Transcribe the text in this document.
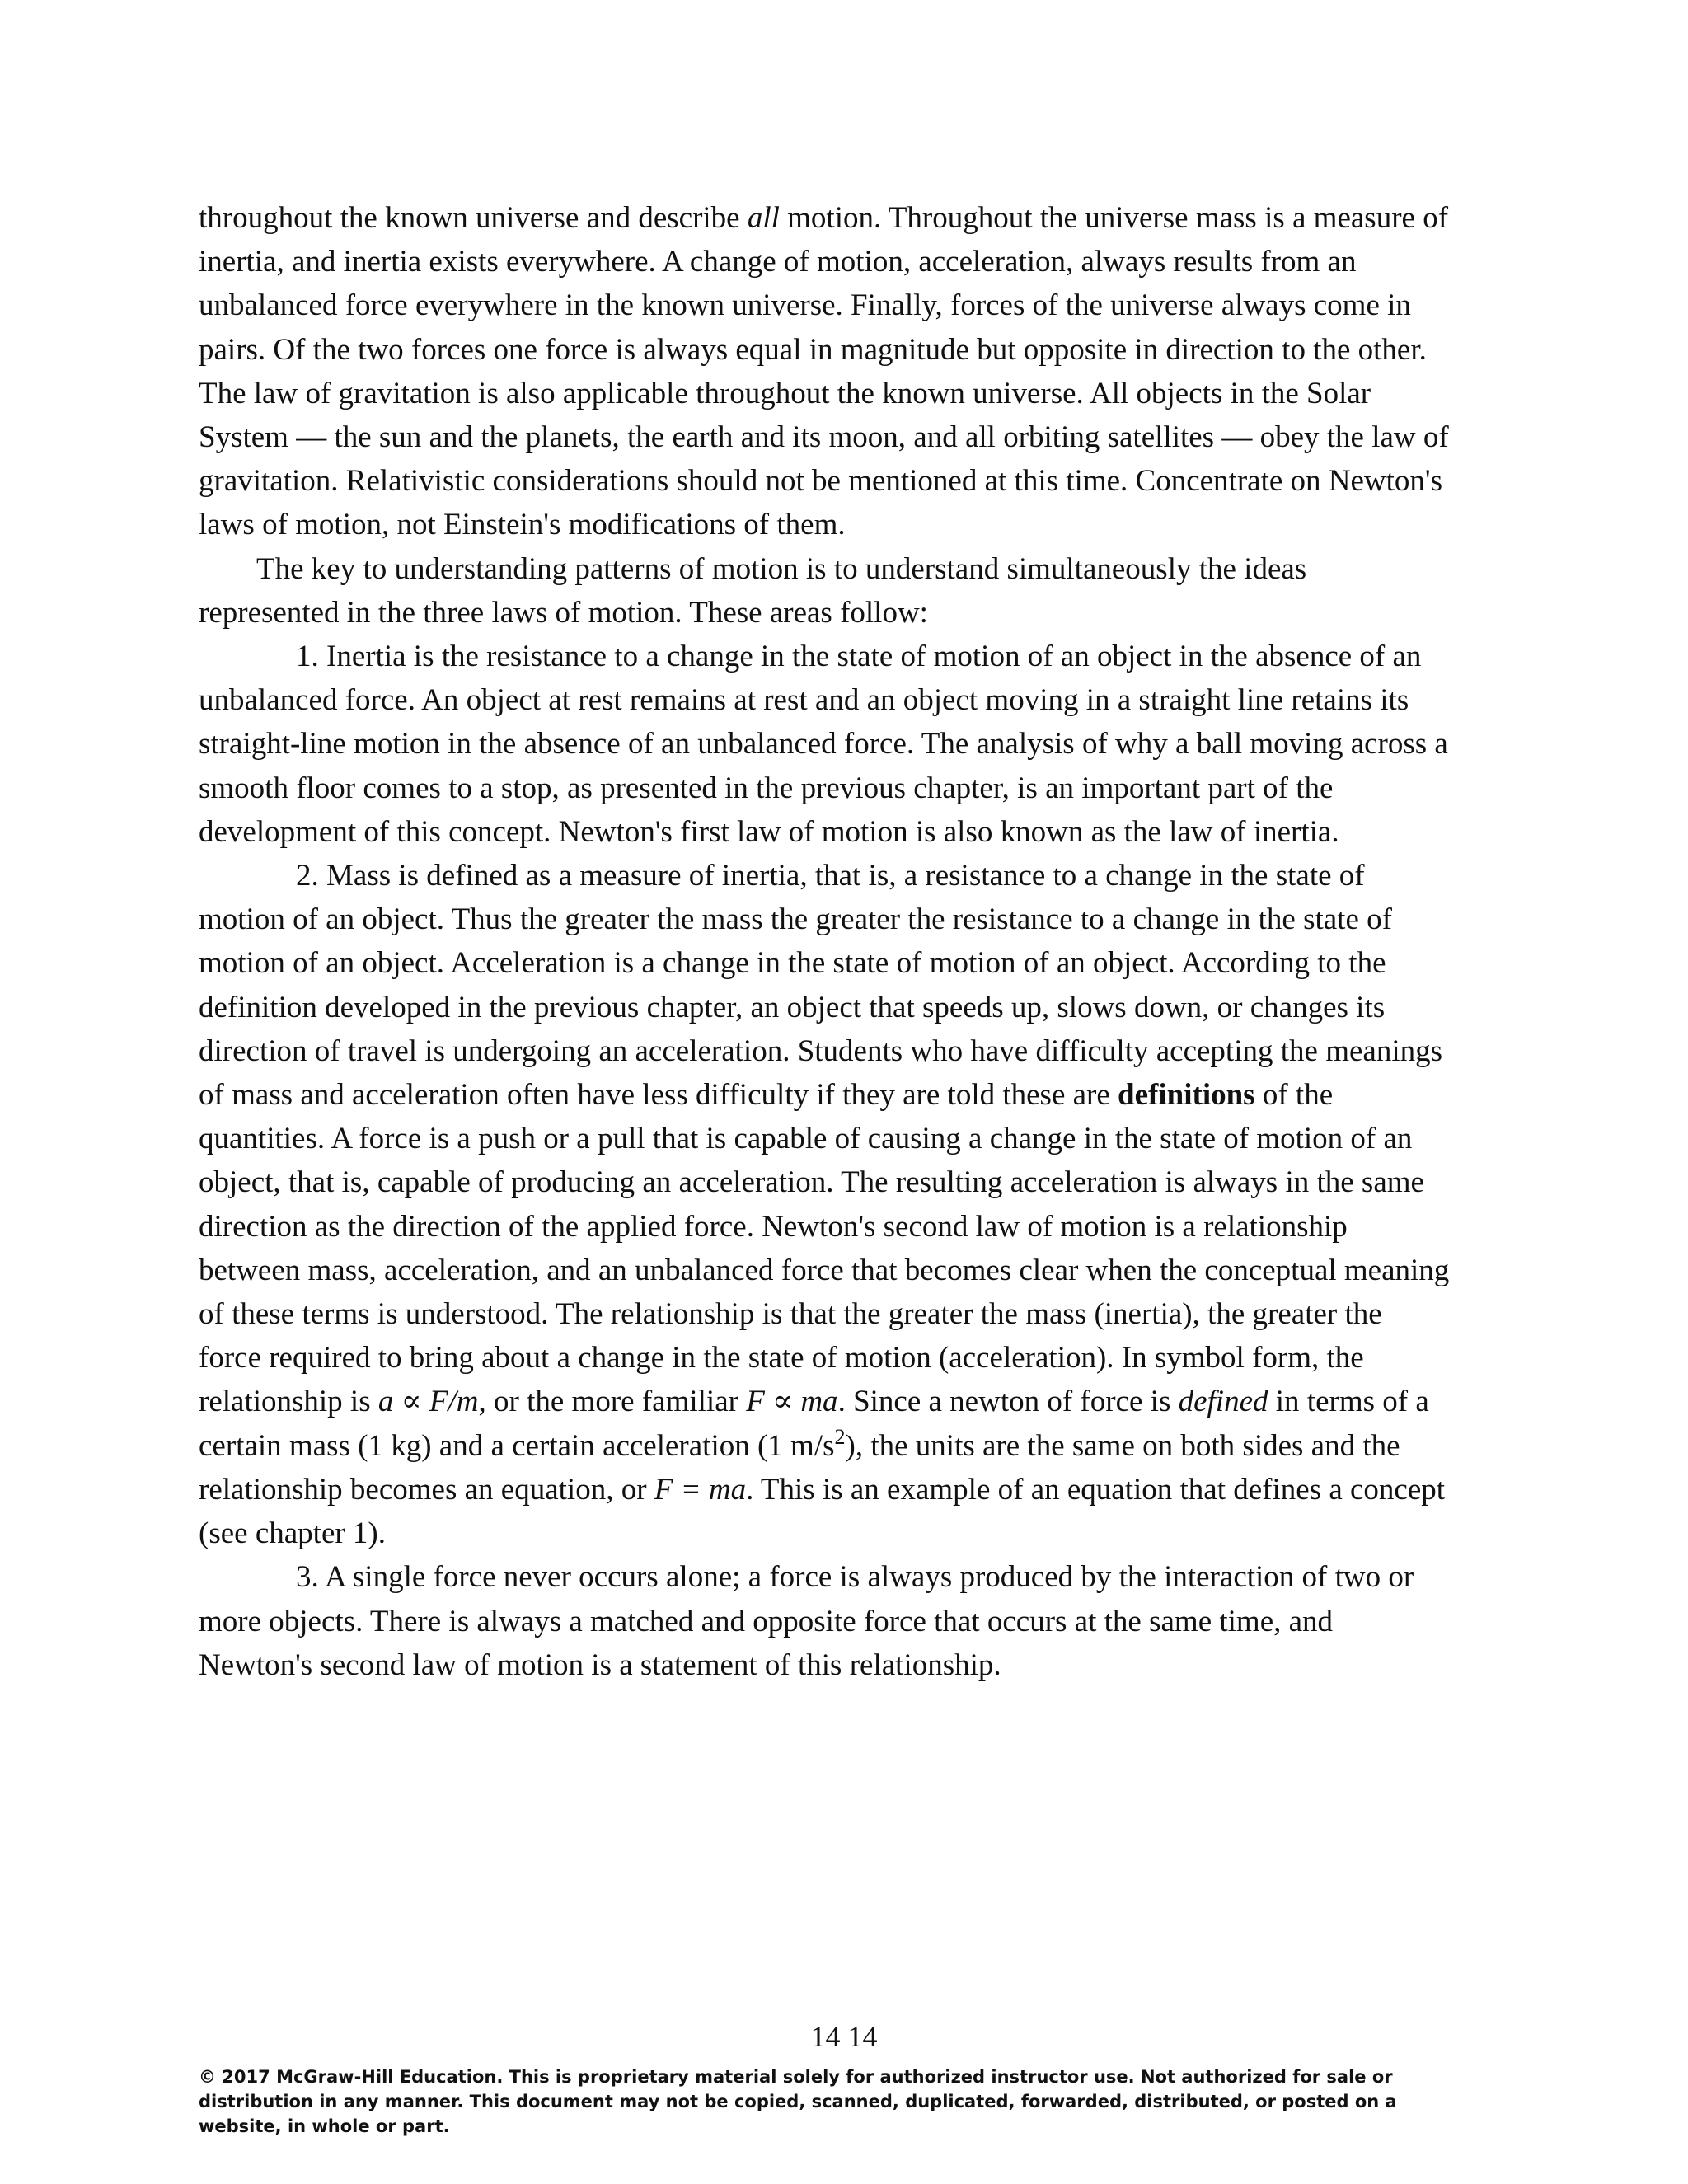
throughout the known universe and describe all motion. Throughout the universe mass is a measure of inertia, and inertia exists everywhere. A change of motion, acceleration, always results from an unbalanced force everywhere in the known universe. Finally, forces of the universe always come in pairs. Of the two forces one force is always equal in magnitude but opposite in direction to the other. The law of gravitation is also applicable throughout the known universe. All objects in the Solar System — the sun and the planets, the earth and its moon, and all orbiting satellites — obey the law of gravitation. Relativistic considerations should not be mentioned at this time. Concentrate on Newton's laws of motion, not Einstein's modifications of them.

The key to understanding patterns of motion is to understand simultaneously the ideas represented in the three laws of motion. These areas follow:

1. Inertia is the resistance to a change in the state of motion of an object in the absence of an unbalanced force. An object at rest remains at rest and an object moving in a straight line retains its straight-line motion in the absence of an unbalanced force. The analysis of why a ball moving across a smooth floor comes to a stop, as presented in the previous chapter, is an important part of the development of this concept. Newton's first law of motion is also known as the law of inertia.

2. Mass is defined as a measure of inertia, that is, a resistance to a change in the state of motion of an object. Thus the greater the mass the greater the resistance to a change in the state of motion of an object. Acceleration is a change in the state of motion of an object. According to the definition developed in the previous chapter, an object that speeds up, slows down, or changes its direction of travel is undergoing an acceleration. Students who have difficulty accepting the meanings of mass and acceleration often have less difficulty if they are told these are definitions of the quantities. A force is a push or a pull that is capable of causing a change in the state of motion of an object, that is, capable of producing an acceleration. The resulting acceleration is always in the same direction as the direction of the applied force. Newton's second law of motion is a relationship between mass, acceleration, and an unbalanced force that becomes clear when the conceptual meaning of these terms is understood. The relationship is that the greater the mass (inertia), the greater the force required to bring about a change in the state of motion (acceleration). In symbol form, the relationship is a ∝ F/m, or the more familiar F ∝ ma. Since a newton of force is defined in terms of a certain mass (1 kg) and a certain acceleration (1 $m/s^2$), the units are the same on both sides and the relationship becomes an equation, or F = ma. This is an example of an equation that defines a concept (see chapter 1).

3. A single force never occurs alone; a force is always produced by the interaction of two or more objects. There is always a matched and opposite force that occurs at the same time, and Newton's second law of motion is a statement of this relationship.

14 14

© 2017 McGraw-Hill Education. This is proprietary material solely for authorized instructor use. Not authorized for sale or distribution in any manner. This document may not be copied, scanned, duplicated, forwarded, distributed, or posted on a website, in whole or part.
